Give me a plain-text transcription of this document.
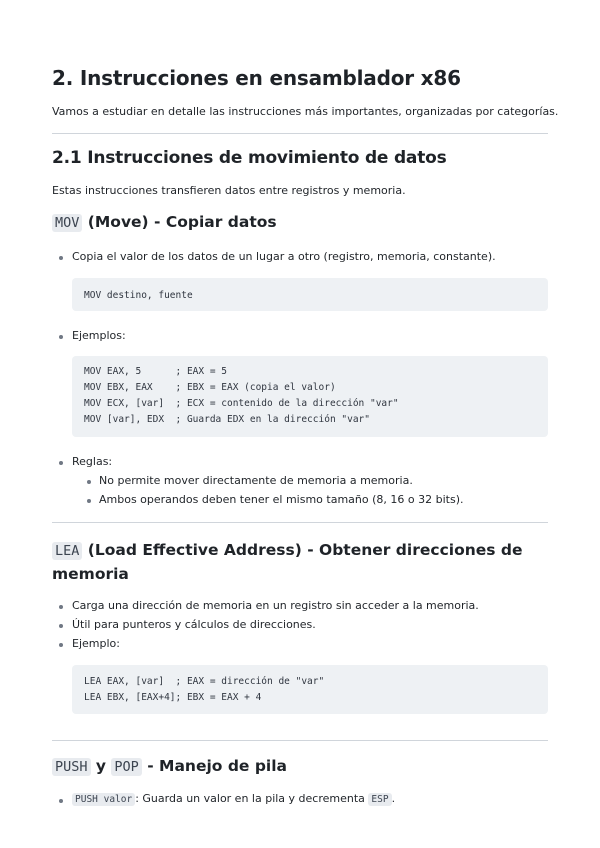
2. Instrucciones en ensamblador x86
Vamos a estudiar en detalle las instrucciones más importantes, organizadas por categorías.
2.1 Instrucciones de movimiento de datos
Estas instrucciones transfieren datos entre registros y memoria.
MOV (Move) - Copiar datos
Copia el valor de los datos de un lugar a otro (registro, memoria, constante).
MOV destino, fuente
Ejemplos:
MOV EAX, 5      ; EAX = 5
MOV EBX, EAX    ; EBX = EAX (copia el valor)
MOV ECX, [var]  ; ECX = contenido de la dirección "var"
MOV [var], EDX  ; Guarda EDX en la dirección "var"
Reglas:
No permite mover directamente de memoria a memoria.
Ambos operandos deben tener el mismo tamaño (8, 16 o 32 bits).
LEA (Load Effective Address) - Obtener direcciones de memoria
Carga una dirección de memoria en un registro sin acceder a la memoria.
Útil para punteros y cálculos de direcciones.
Ejemplo:
LEA EAX, [var]  ; EAX = dirección de "var"
LEA EBX, [EAX+4]; EBX = EAX + 4
PUSH y POP - Manejo de pila
PUSH valor : Guarda un valor en la pila y decrementa ESP .
